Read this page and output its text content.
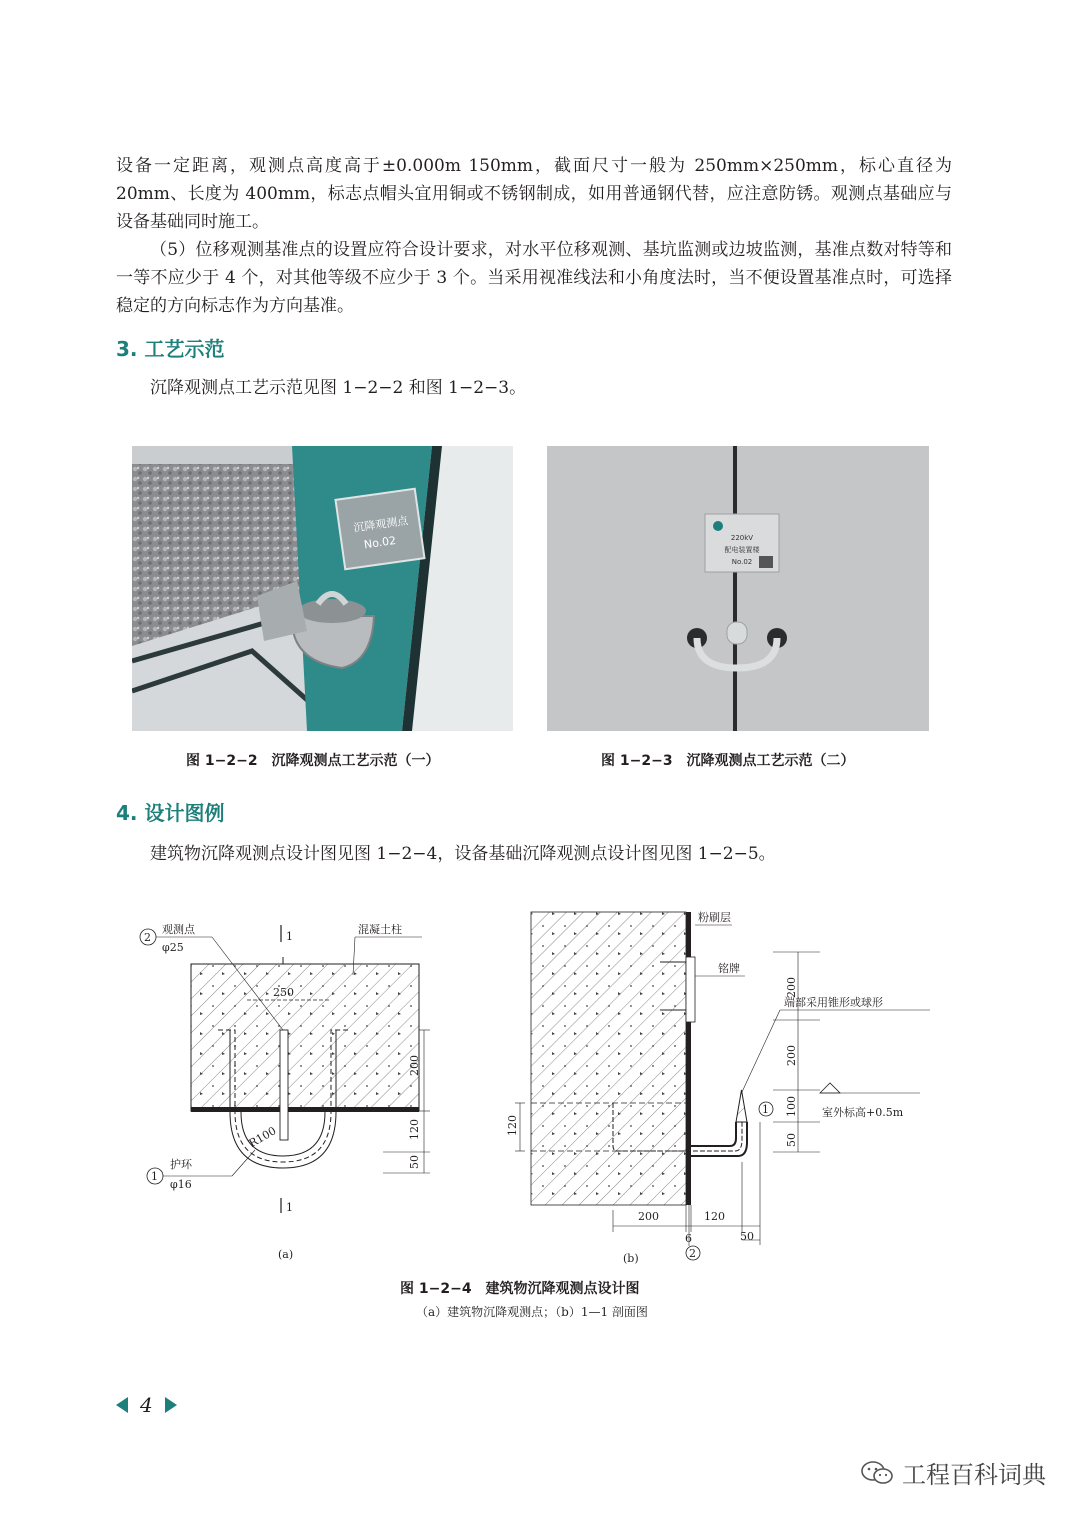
设备一定距离，观测点高度高于±0.000m 150mm，截面尺寸一般为 250mm×250mm，标心直径为 20mm、长度为 400mm，标志点帽头宜用铜或不锈钢制成，如用普通钢代替，应注意防锈。观测点基础应与设备基础同时施工。
（5）位移观测基准点的设置应符合设计要求，对水平位移观测、基坑监测或边坡监测，基准点数对特等和一等不应少于 4 个，对其他等级不应少于 3 个。当采用视准线法和小角度法时，当不便设置基准点时，可选择稳定的方向标志作为方向基准。
3. 工艺示范
沉降观测点工艺示范见图 1−2−2 和图 1−2−3。
沉降观测点
No.02	220kV
配电装置楼
No.02
图 1−2−2　沉降观测点工艺示范（一）	图 1−2−3　沉降观测点工艺示范（二）
4. 设计图例
建筑物沉降观测点设计图见图 1−2−4，设备基础沉降观测点设计图见图 1−2−5。
1
1
250
R100
200
120
50
2
观测点
φ25
混凝土柱
1
护环
φ16
(a)
粉刷层
铭牌
端部采用锥形或球形
200
200
100
50
室外标高+0.5m
1
120
200	120
6	50
2
(b)
图 1−2−4　建筑物沉降观测点设计图
（a）建筑物沉降观测点；（b）1—1 剖面图
4
工程百科词典
